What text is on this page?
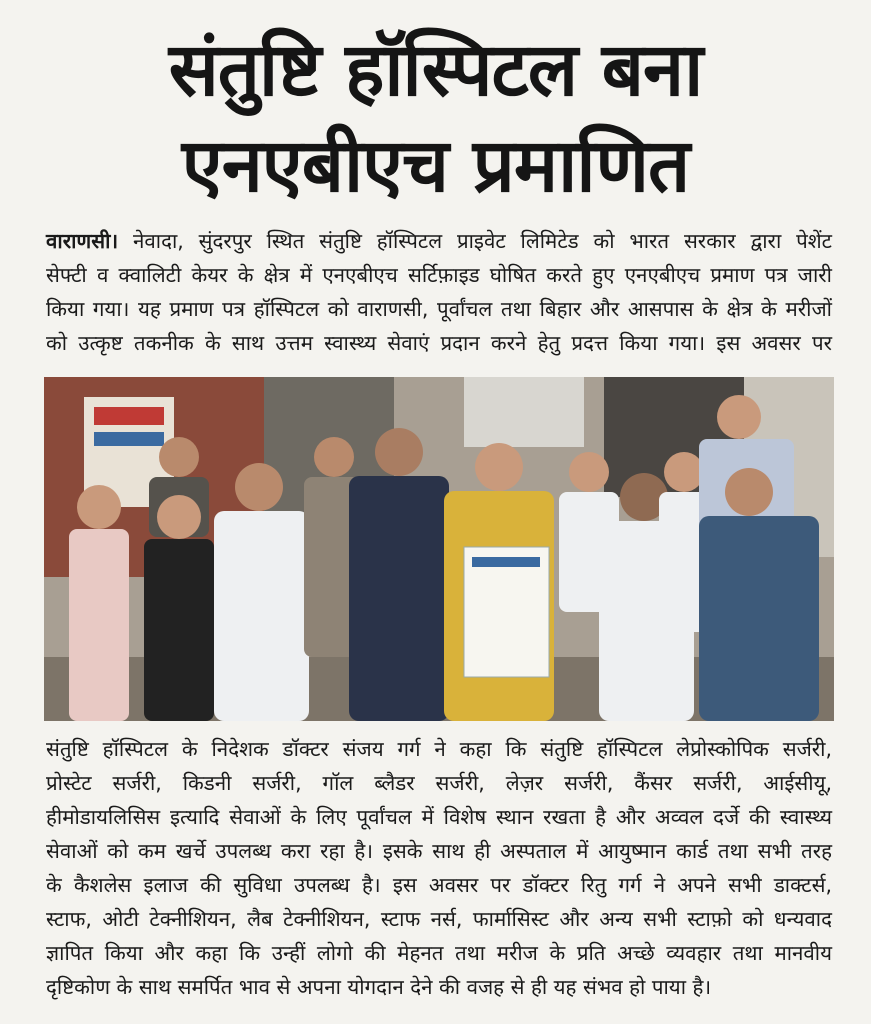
संतुष्टि हॉस्पिटल बना
एनएबीएच प्रमाणित
वाराणसी। नेवादा, सुंदरपुर स्थित संतुष्टि हॉस्पिटल प्राइवेट लिमिटेड को भारत सरकार द्वारा पेशेंट
सेफ्टी व क्वालिटी केयर के क्षेत्र में एनएबीएच सर्टिफ़ाइड घोषित करते हुए एनएबीएच प्रमाण पत्र जारी
किया गया। यह प्रमाण पत्र हॉस्पिटल को वाराणसी, पूर्वांचल तथा बिहार और आसपास के क्षेत्र के मरीजों
को उत्कृष्ट तकनीक के साथ उत्तम स्वास्थ्य सेवाएं प्रदान करने हेतु प्रदत्त किया गया। इस अवसर पर
संतुष्टि हॉस्पिटल के निदेशक डॉक्टर संजय गर्ग ने कहा कि संतुष्टि हॉस्पिटल लेप्रोस्कोपिक सर्जरी,
प्रोस्टेट सर्जरी, किडनी सर्जरी, गॉल ब्लैडर सर्जरी, लेज़र सर्जरी, कैंसर सर्जरी, आईसीयू,
हीमोडायलिसिस इत्यादि सेवाओं के लिए पूर्वांचल में विशेष स्थान रखता है और अव्वल दर्जे की स्वास्थ्य
सेवाओं को कम खर्चे उपलब्ध करा रहा है। इसके साथ ही अस्पताल में आयुष्मान कार्ड तथा सभी तरह
के कैशलेस इलाज की सुविधा उपलब्ध है। इस अवसर पर डॉक्टर रितु गर्ग ने अपने सभी डाक्टर्स,
स्टाफ, ओटी टेक्नीशियन, लैब टेक्नीशियन, स्टाफ नर्स, फार्मासिस्ट और अन्य सभी स्टाफ़ो को धन्यवाद
ज्ञापित किया और कहा कि उन्हीं लोगो की मेहनत तथा मरीज के प्रति अच्छे व्यवहार तथा मानवीय
दृष्टिकोण के साथ समर्पित भाव से अपना योगदान देने की वजह से ही यह संभव हो पाया है।
